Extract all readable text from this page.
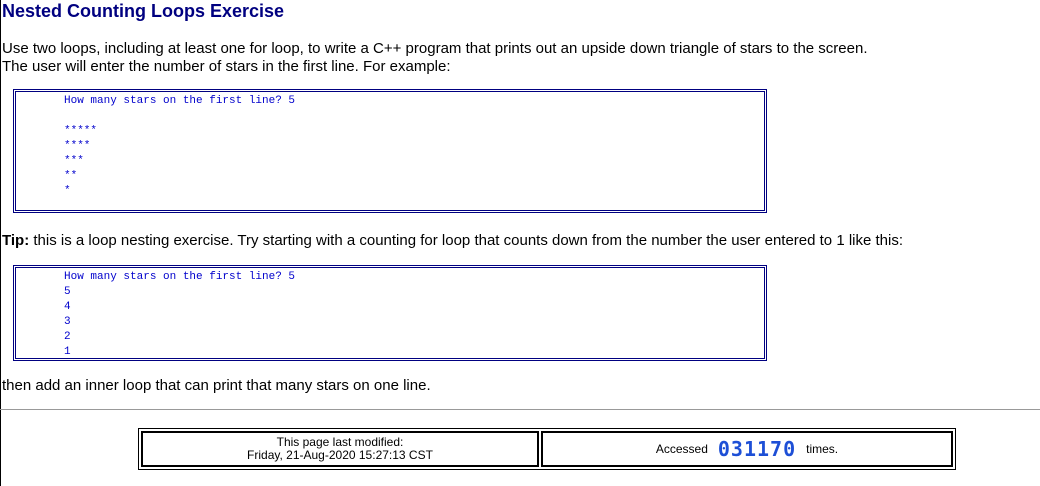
Nested Counting Loops Exercise

Use two loops, including at least one for loop, to write a C++ program that prints out an upside down triangle of stars to the screen.

The user will enter the number of stars in the first line. For example:

How many stars on the first line? 5
*****
****
***
**
*

Tip: this is a loop nesting exercise. Try starting with a counting for loop that counts down from the number the user entered to 1 like this:

How many stars on the first line? 5
5
4
3
2
1

then add an inner loop that can print that many stars on one line.

This page last modified:
Friday, 21-Aug-2020 15:27:13 CST	Accessed 031170 times.
